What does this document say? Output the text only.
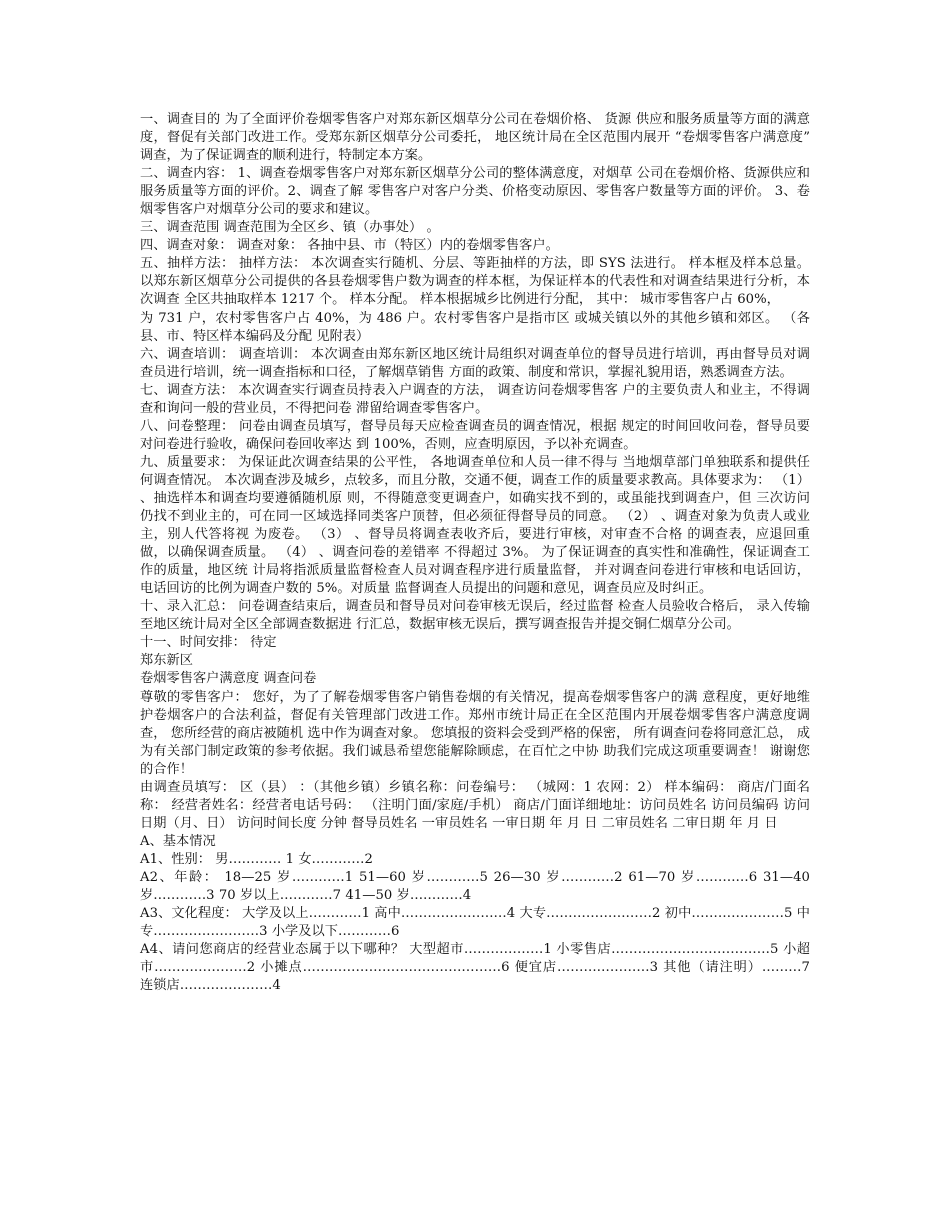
一、调查目的 为了全面评价卷烟零售客户对郑东新区烟草分公司在卷烟价格、 货源 供应和服务质量等方面的满意度，督促有关部门改进工作。受郑东新区烟草分公司委托， 地区统计局在全区范围内展开 “卷烟零售客户满意度” 调查，为了保证调查的顺利进行，特制定本方案。

二、调查内容： 1、调查卷烟零售客户对郑东新区烟草分公司的整体满意度，对烟草 公司在卷烟价格、货源供应和服务质量等方面的评价。2、调查了解 零售客户对客户分类、价格变动原因、零售客户数量等方面的评价。 3、卷烟零售客户对烟草分公司的要求和建议。

三、调查范围 调查范围为全区乡、镇（办事处） 。

四、调查对象： 调查对象： 各抽中县、市（特区）内的卷烟零售客户。

五、抽样方法： 抽样方法： 本次调查实行随机、分层、等距抽样的方法，即 SYS 法进行。 样本框及样本总量。 以郑东新区烟草分公司提供的各县卷烟零售户数为调查的样本框，为保证样本的代表性和对调查结果进行分析，本次调查 全区共抽取样本 1217 个。 样本分配。 样本根据城乡比例进行分配， 其中： 城市零售客户占 60%，

为 731 户，农村零售客户占 40%，为 486 户。农村零售客户是指市区 或城关镇以外的其他乡镇和郊区。 （各县、市、特区样本编码及分配 见附表）

六、调查培训： 调查培训： 本次调查由郑东新区地区统计局组织对调查单位的督导员进行培训，再由督导员对调查员进行培训，统一调查指标和口径，了解烟草销售 方面的政策、制度和常识，掌握礼貌用语，熟悉调查方法。

七、调查方法： 本次调查实行调查员持表入户调查的方法， 调查访问卷烟零售客 户的主要负责人和业主，不得调查和询问一般的营业员，不得把问卷 滞留给调查零售客户。

八、问卷整理： 问卷由调查员填写，督导员每天应检查调查员的调查情况，根据 规定的时间回收问卷，督导员要对问卷进行验收，确保问卷回收率达 到 100%，否则，应查明原因，予以补充调查。

九、质量要求： 为保证此次调查结果的公平性， 各地调查单位和人员一律不得与 当地烟草部门单独联系和提供任何调查情况。 本次调查涉及城乡，点较多，而且分散，交通不便，调查工作的质量要求教高。具体要求为： （1） 、抽选样本和调查均要遵循随机原 则，不得随意变更调查户，如确实找不到的，或虽能找到调查户，但 三次访问仍找不到业主的，可在同一区域选择同类客户顶替，但必须征得督导员的同意。 （2） 、调查对象为负责人或业主，别人代答将视 为废卷。 （3） 、督导员将调查表收齐后，要进行审核，对审查不合格 的调查表，应退回重做，以确保调查质量。 （4） 、调查问卷的差错率 不得超过 3%。 为了保证调查的真实性和准确性，保证调查工作的质量，地区统 计局将指派质量监督检查人员对调查程序进行质量监督， 并对调查问卷进行审核和电话回访，电话回访的比例为调查户数的 5%。对质量 监督调查人员提出的问题和意见，调查员应及时纠正。

十、录入汇总： 问卷调查结束后，调查员和督导员对问卷审核无误后，经过监督 检查人员验收合格后， 录入传输至地区统计局对全区全部调查数据进 行汇总，数据审核无误后，撰写调查报告并提交铜仁烟草分公司。

十一、时间安排： 待定

郑东新区

卷烟零售客户满意度 调查问卷

尊敬的零售客户： 您好，为了了解卷烟零售客户销售卷烟的有关情况，提高卷烟零售客户的满 意程度，更好地维护卷烟客户的合法利益，督促有关管理部门改进工作。郑州市统计局正在全区范围内开展卷烟零售客户满意度调查， 您所经营的商店被随机 选中作为调查对象。 您填报的资料会受到严格的保密， 所有调查问卷将同意汇总， 成为有关部门制定政策的参考依据。我们诚恳希望您能解除顾虑，在百忙之中协 助我们完成这项重要调查！ 谢谢您的合作！

由调查员填写： 区（县） ：（其他乡镇）乡镇名称：问卷编号： （城网：1 农网：2） 样本编码： 商店/门面名称： 经营者姓名：经营者电话号码： （注明门面/家庭/手机） 商店/门面详细地址：访问员姓名 访问员编码 访问日期（月、日） 访问时间长度 分钟 督导员姓名 一审员姓名 一审日期 年 月 日 二审员姓名 二审日期 年 月 日

A、基本情况

A1、性别： 男………… 1 女…………2

A2、年龄： 18—25 岁…………1 51—60 岁…………5 26—30 岁…………2 61—70 岁…………6 31—40 岁…………3 70 岁以上…………7 41—50 岁…………4

A3、文化程度： 大学及以上…………1 高中……………………4 大专……………………2 初中…………………5 中专……………………3 小学及以下…………6

A4、请问您商店的经营业态属于以下哪种？ 大型超市………………1 小零售店………………………………5 小超市…………………2 小摊点………………………………………6 便宜店…………………3 其他（请注明）………7 连锁店…………………4
